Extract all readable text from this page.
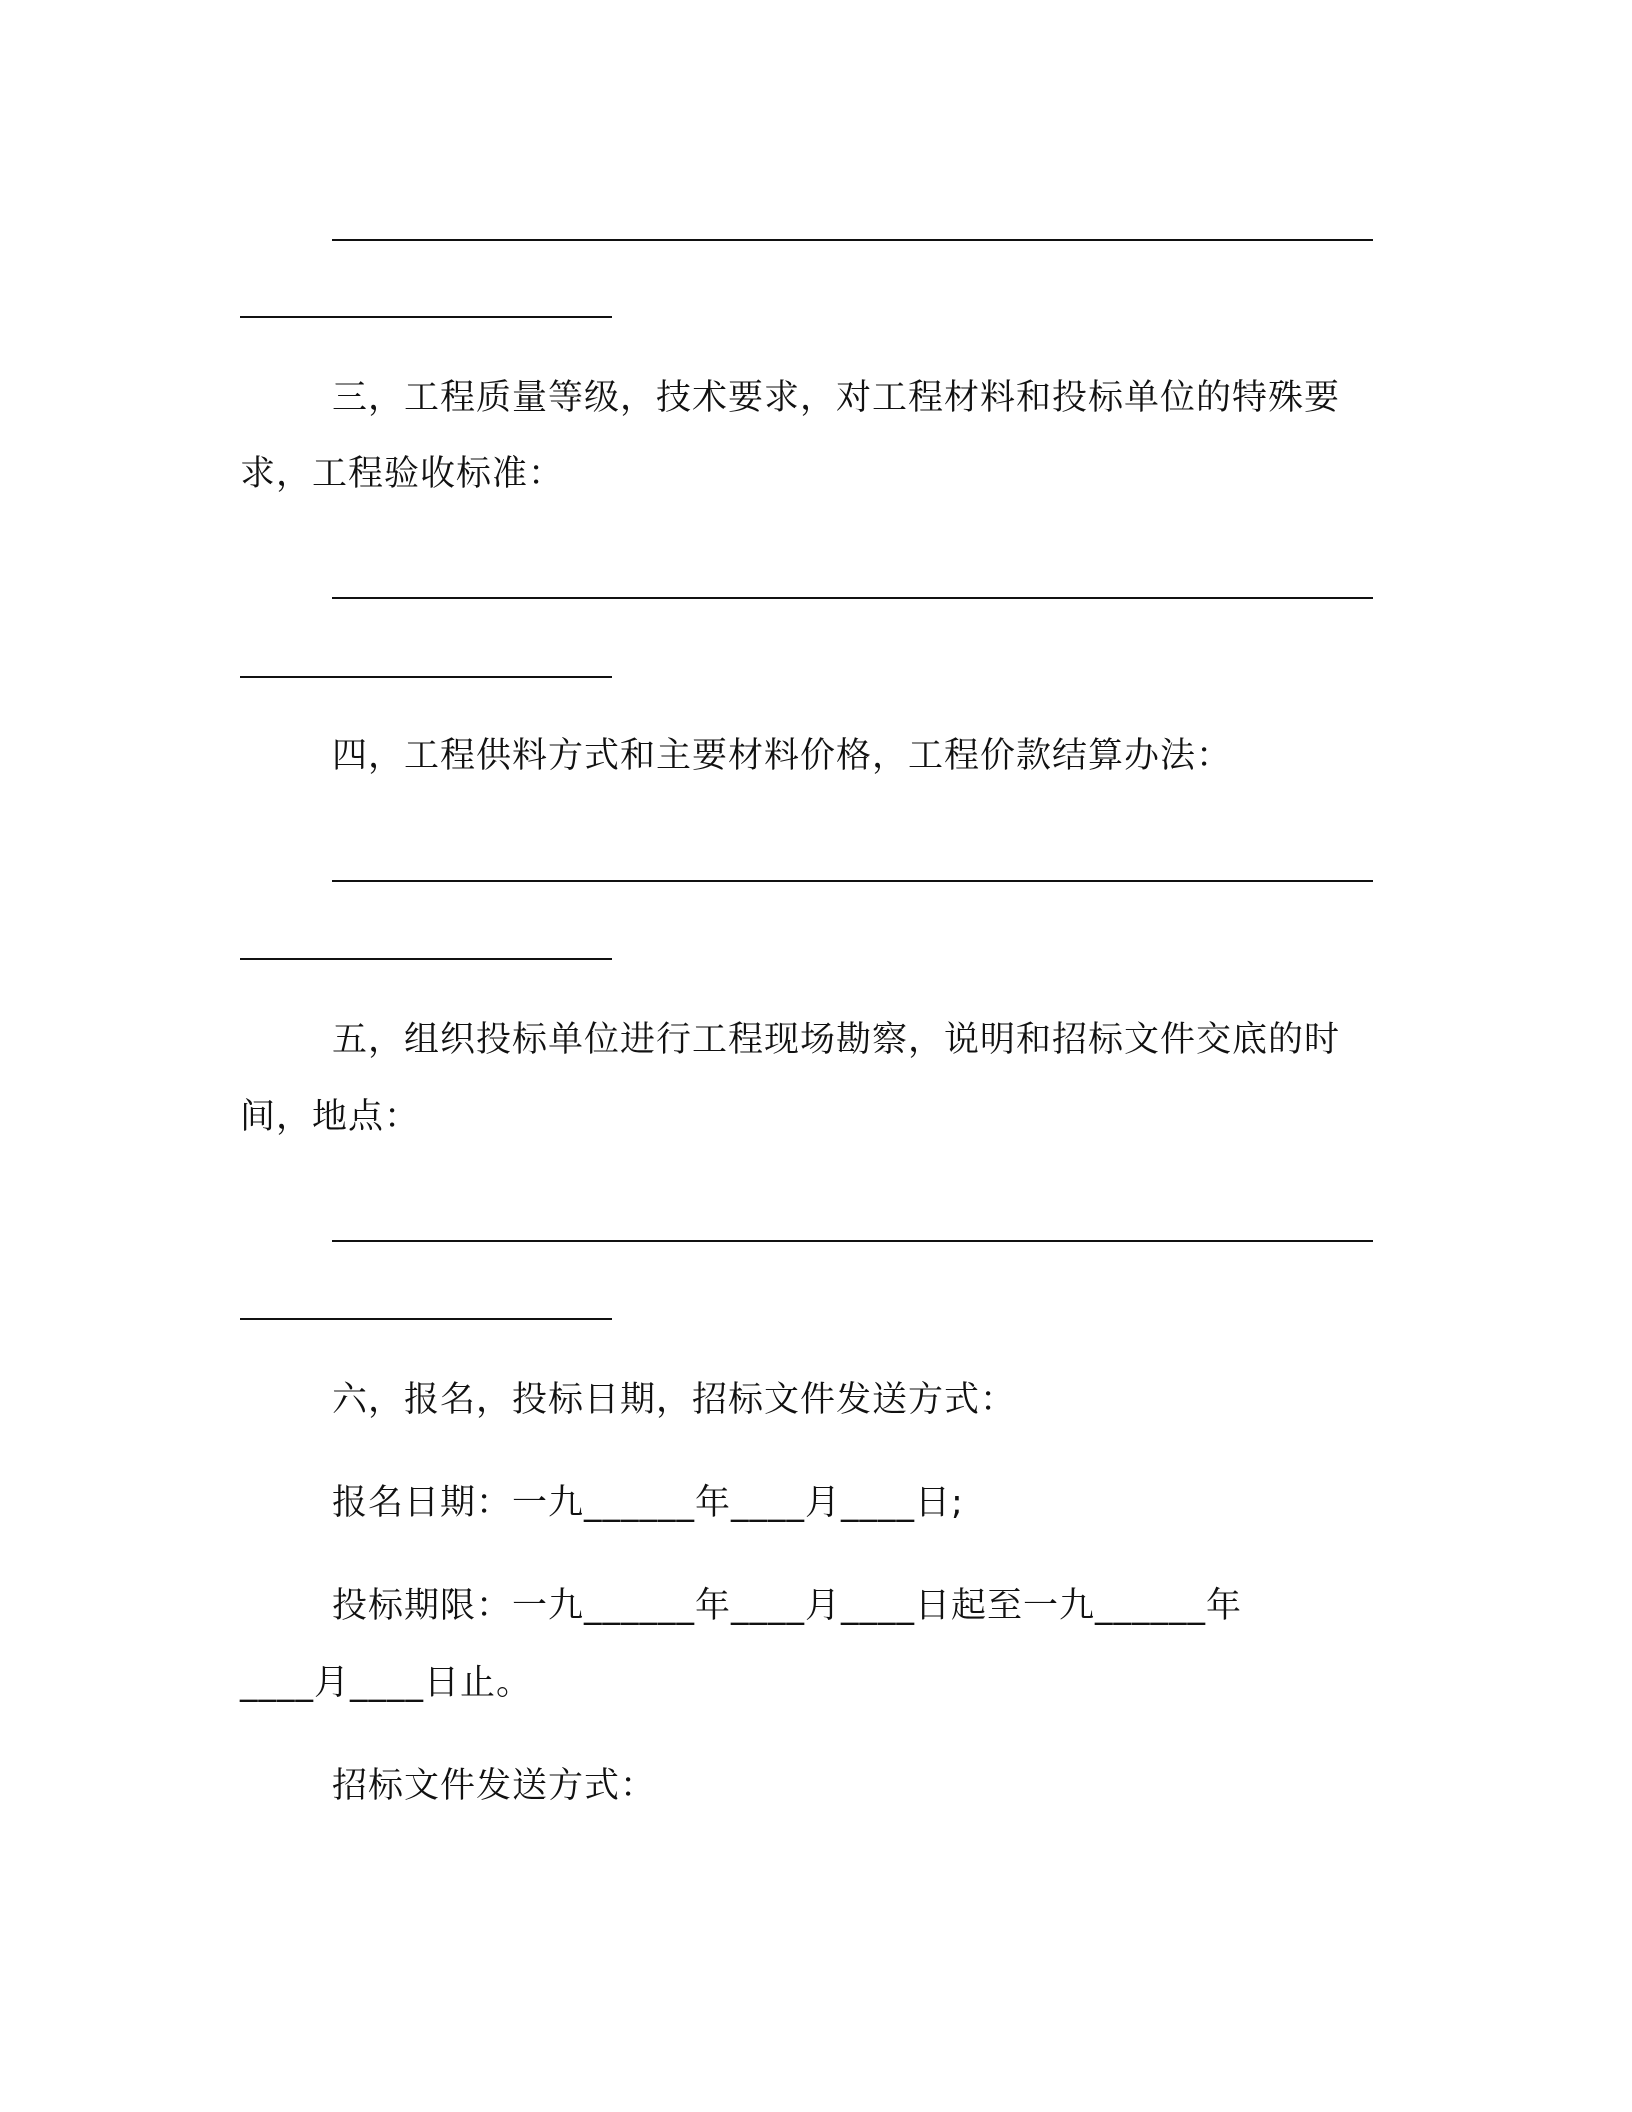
三，工程质量等级，技术要求，对工程材料和投标单位的特殊要
求，工程验收标准：
四，工程供料方式和主要材料价格，工程价款结算办法：
五，组织投标单位进行工程现场勘察，说明和招标文件交底的时
间，地点：
六，报名，投标日期，招标文件发送方式：
报名日期：一九______年____月____日;
投标期限：一九______年____月____日起至一九______年
____月____日止。
招标文件发送方式：
